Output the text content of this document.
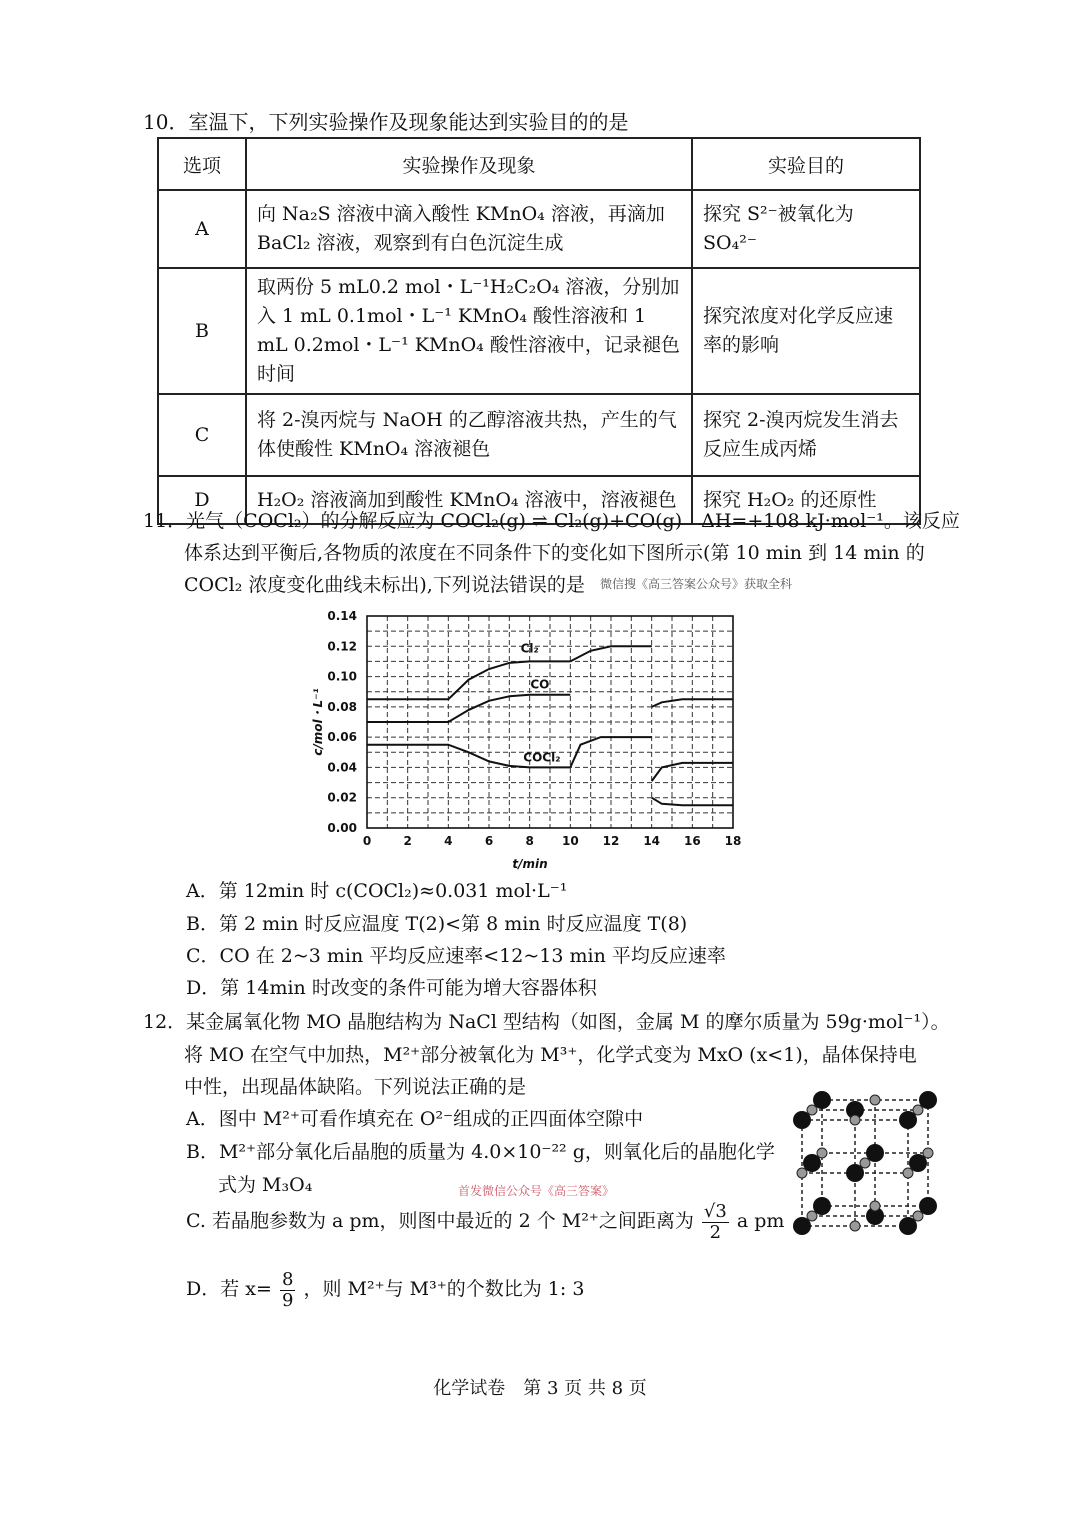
10．室温下，下列实验操作及现象能达到实验目的的是
选项	实验操作及现象	实验目的
A	向 Na₂S 溶液中滴入酸性 KMnO₄ 溶液，再滴加 BaCl₂ 溶液，观察到有白色沉淀生成	探究 S²⁻被氧化为 SO₄²⁻
B	取两份 5 mL0.2 mol・L⁻¹H₂C₂O₄ 溶液，分别加入 1 mL 0.1mol・L⁻¹ KMnO₄ 酸性溶液和 1 mL 0.2mol・L⁻¹ KMnO₄ 酸性溶液中，记录褪色时间	探究浓度对化学反应速率的影响
C	将 2-溴丙烷与 NaOH 的乙醇溶液共热，产生的气体使酸性 KMnO₄ 溶液褪色	探究 2-溴丙烷发生消去反应生成丙烯
D	H₂O₂ 溶液滴加到酸性 KMnO₄ 溶液中，溶液褪色	探究 H₂O₂ 的还原性
11．光气（COCl₂）的分解反应为 COCl₂(g) ⇌ Cl₂(g)+CO(g)　ΔH=+108 kJ·mol⁻¹。该反应
体系达到平衡后,各物质的浓度在不同条件下的变化如下图所示(第 10 min 到 14 min 的
COCl₂ 浓度变化曲线未标出),下列说法错误的是 微信搜《高三答案公众号》获取全科
0	2	4	6	8 10 12 14 16 18
0.00
0.02
0.04
0.06
0.08
0.10
0.12
0.14
t/min
c/mol・L⁻¹
Cl₂
CO
COCl₂
A．第 12min 时 c(COCl₂)≈0.031 mol·L⁻¹
B．第 2 min 时反应温度 T(2)<第 8 min 时反应温度 T(8)
C．CO 在 2~3 min 平均反应速率<12~13 min 平均反应速率
D．第 14min 时改变的条件可能为增大容器体积
12．某金属氧化物 MO 晶胞结构为 NaCl 型结构（如图，金属 M 的摩尔质量为 59g·mol⁻¹）。
将 MO 在空气中加热，M²⁺部分被氧化为 M³⁺，化学式变为 MxO (x<1)，晶体保持电
中性，出现晶体缺陷。下列说法正确的是
A．图中 M²⁺可看作填充在 O²⁻组成的正四面体空隙中
B．M²⁺部分氧化后晶胞的质量为 4.0×10⁻²² g，则氧化后的晶胞化学
式为 M₃O₄	首发微信公众号《高三答案》
C. 若晶胞参数为 a pm，则图中最近的 2 个 M²⁺之间距离为 $\frac{√3}{2}$ a pm
D．若 $x= \frac{8}{9}$ ，则 M²⁺与 M³⁺的个数比为 1: 3
化学试卷　第 3 页 共 8 页
